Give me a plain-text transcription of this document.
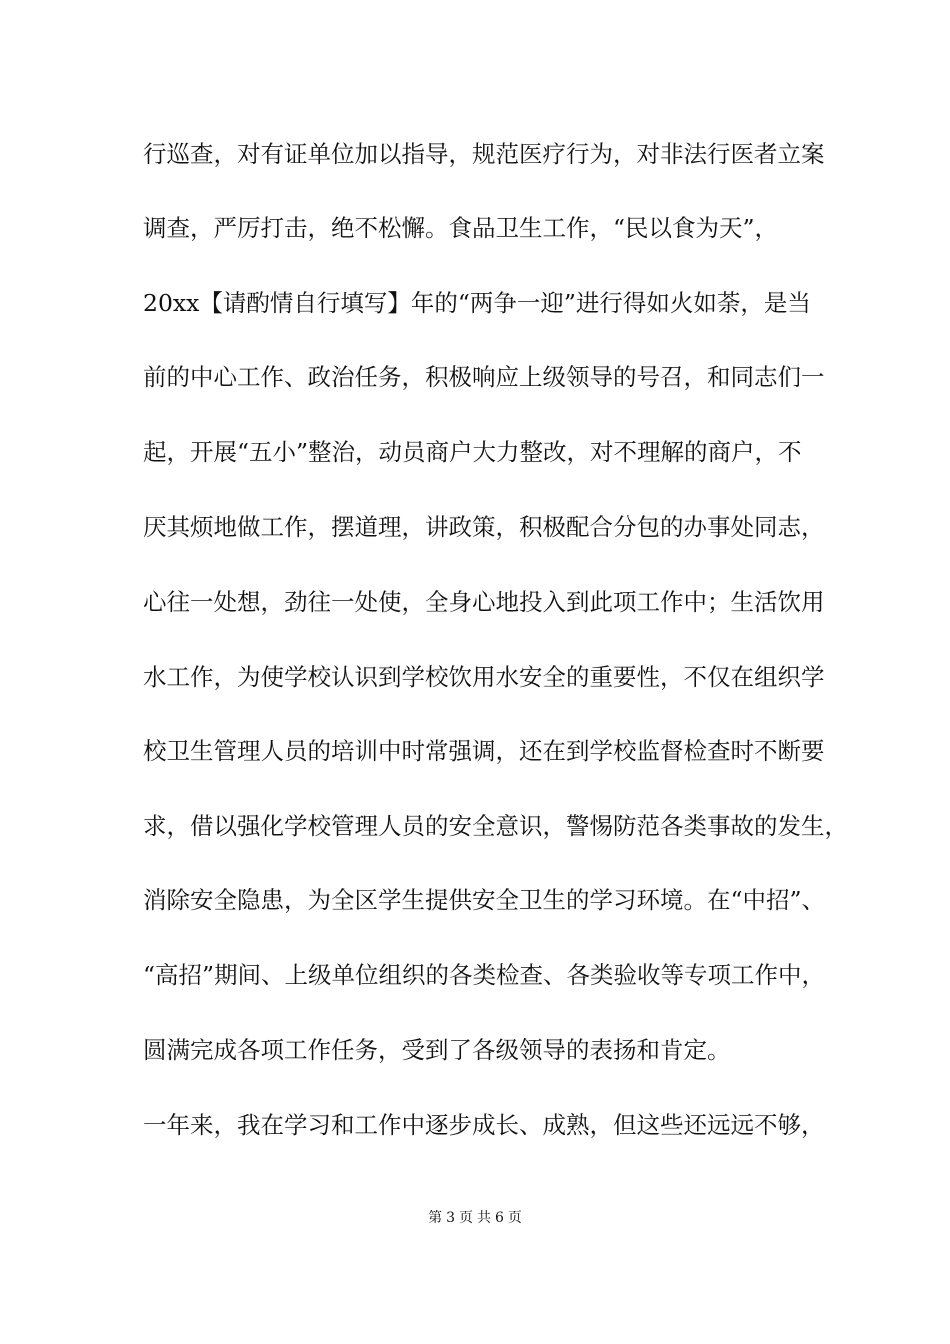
行巡查，对有证单位加以指导，规范医疗行为，对非法行医者立案
调查，严厉打击，绝不松懈。食品卫生工作，“民以食为天”，
20xx【请酌情自行填写】年的“两争一迎”进行得如火如荼，是当
前的中心工作、政治任务，积极响应上级领导的号召，和同志们一
起，开展“五小”整治，动员商户大力整改，对不理解的商户，不
厌其烦地做工作，摆道理，讲政策，积极配合分包的办事处同志，
心往一处想，劲往一处使，全身心地投入到此项工作中；生活饮用
水工作，为使学校认识到学校饮用水安全的重要性，不仅在组织学
校卫生管理人员的培训中时常强调，还在到学校监督检查时不断要
求，借以强化学校管理人员的安全意识，警惕防范各类事故的发生，
消除安全隐患，为全区学生提供安全卫生的学习环境。在“中招”、
“高招”期间、上级单位组织的各类检查、各类验收等专项工作中，
圆满完成各项工作任务，受到了各级领导的表扬和肯定。
一年来，我在学习和工作中逐步成长、成熟，但这些还远远不够，
第 3 页 共 6 页
